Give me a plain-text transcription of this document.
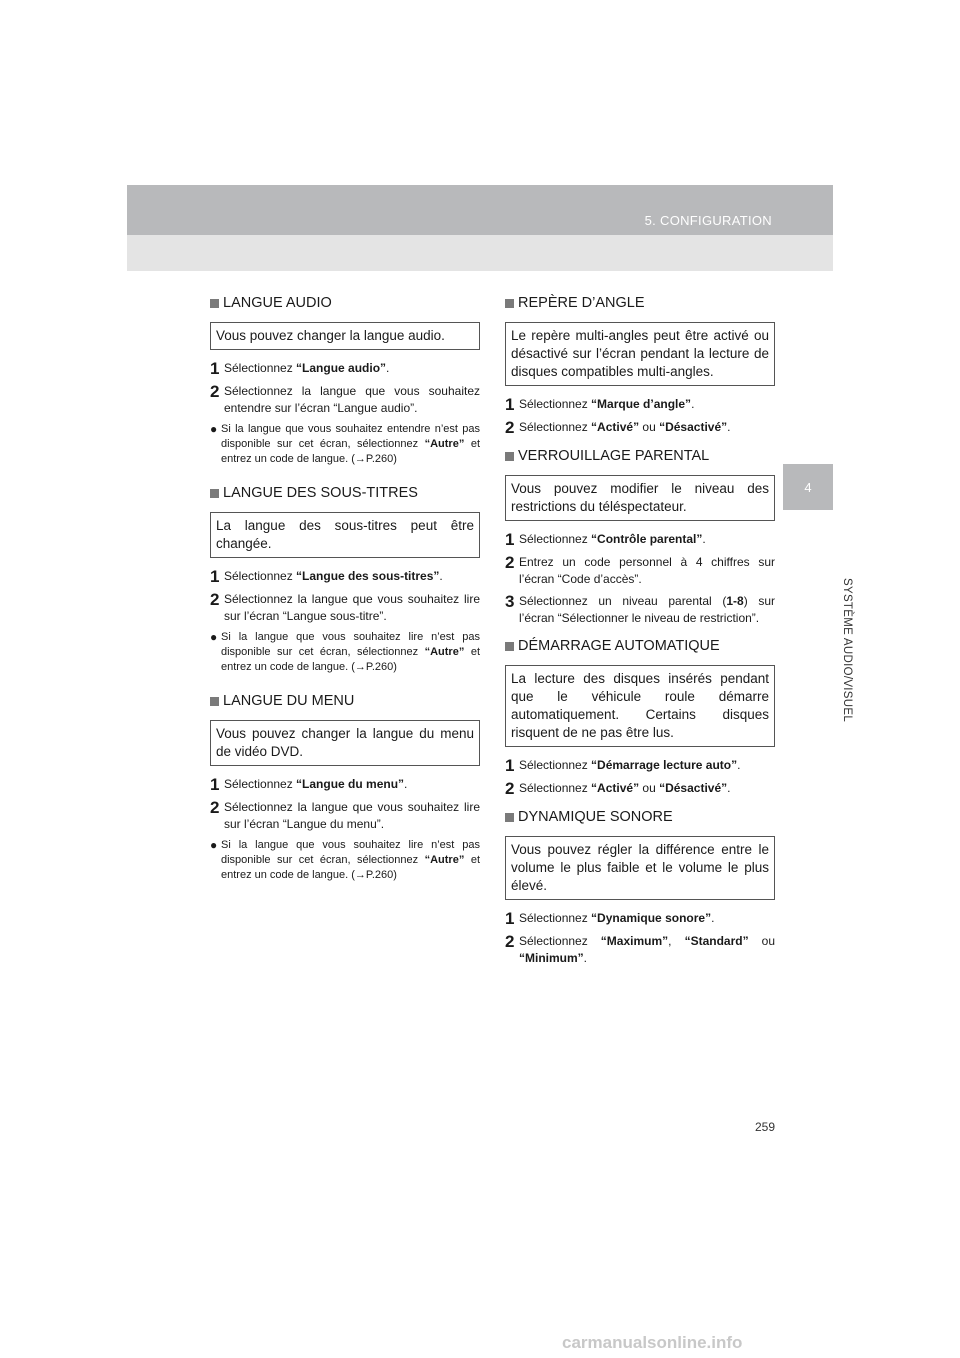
5. CONFIGURATION
4
SYSTÈME AUDIO/VISUEL
LANGUE AUDIO
Vous pouvez changer la langue audio.
1 Sélectionnez “Langue audio”.
2 Sélectionnez la langue que vous souhaitez entendre sur l’écran “Langue audio”.
● Si la langue que vous souhaitez entendre n’est pas disponible sur cet écran, sélectionnez “Autre” et entrez un code de langue. (→P.260)
LANGUE DES SOUS-TITRES
La langue des sous-titres peut être changée.
1 Sélectionnez “Langue des sous-titres”.
2 Sélectionnez la langue que vous souhaitez lire sur l’écran “Langue sous-titre”.
● Si la langue que vous souhaitez lire n’est pas disponible sur cet écran, sélectionnez “Autre” et entrez un code de langue. (→P.260)
LANGUE DU MENU
Vous pouvez changer la langue du menu de vidéo DVD.
1 Sélectionnez “Langue du menu”.
2 Sélectionnez la langue que vous souhaitez lire sur l’écran “Langue du menu”.
● Si la langue que vous souhaitez lire n’est pas disponible sur cet écran, sélectionnez “Autre” et entrez un code de langue. (→P.260)
REPÈRE D’ANGLE
Le repère multi-angles peut être activé ou désactivé sur l’écran pendant la lecture de disques compatibles multi-angles.
1 Sélectionnez “Marque d’angle”.
2 Sélectionnez “Activé” ou “Désactivé”.
VERROUILLAGE PARENTAL
Vous pouvez modifier le niveau des restrictions du téléspectateur.
1 Sélectionnez “Contrôle parental”.
2 Entrez un code personnel à 4 chiffres sur l’écran “Code d’accès”.
3 Sélectionnez un niveau parental (1-8) sur l’écran “Sélectionner le niveau de restriction”.
DÉMARRAGE AUTOMATIQUE
La lecture des disques insérés pendant que le véhicule roule démarre automatiquement. Certains disques risquent de ne pas être lus.
1 Sélectionnez “Démarrage lecture auto”.
2 Sélectionnez “Activé” ou “Désactivé”.
DYNAMIQUE SONORE
Vous pouvez régler la différence entre le volume le plus faible et le volume le plus élevé.
1 Sélectionnez “Dynamique sonore”.
2 Sélectionnez “Maximum”, “Standard” ou “Minimum”.
259
carmanualsonline.info
